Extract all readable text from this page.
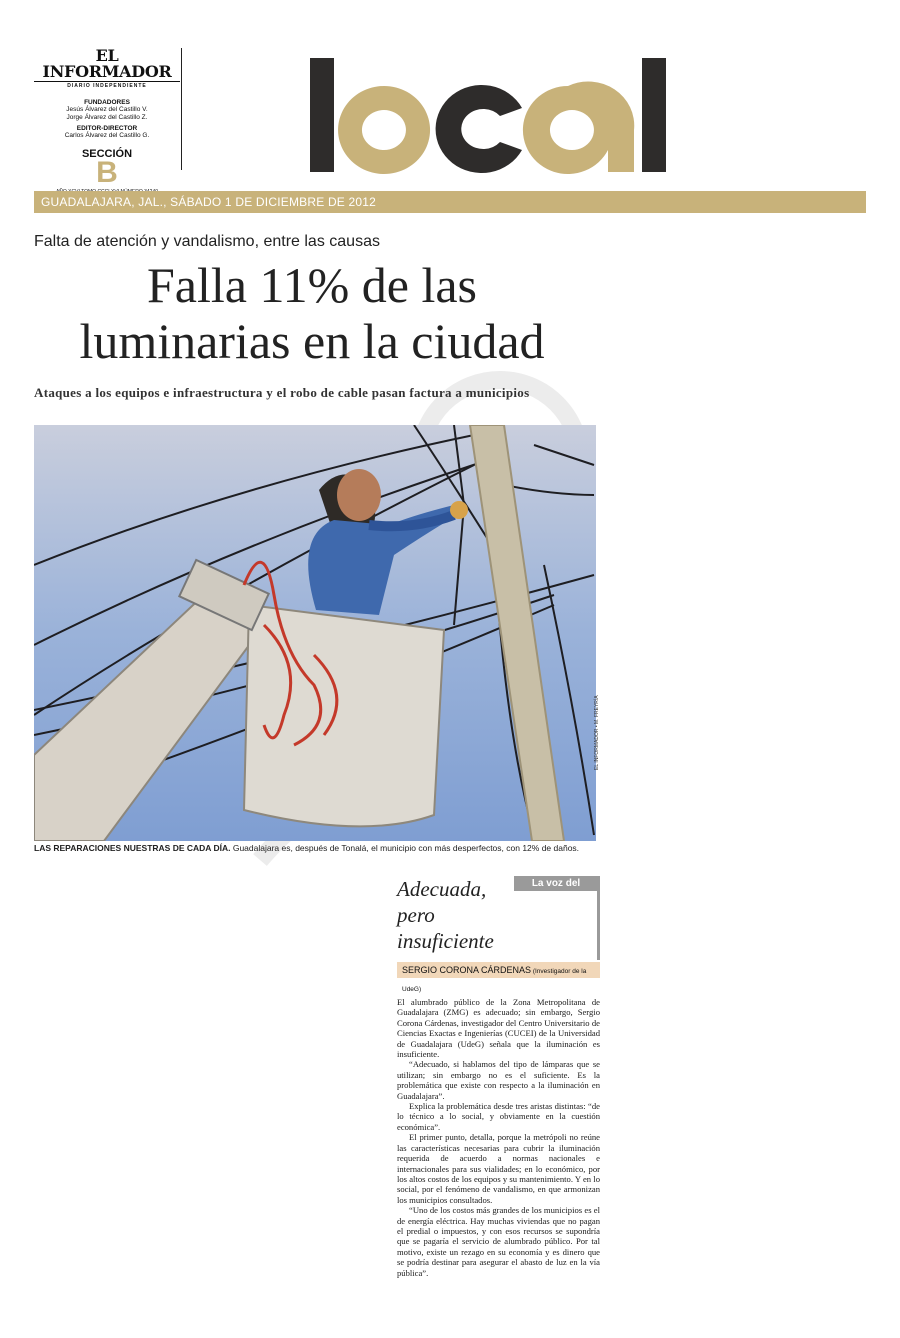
EL INFORMADOR
DIARIO INDEPENDIENTE
FUNDADORES
Jesús Álvarez del Castillo V.
Jorge Álvarez del Castillo Z.
EDITOR-DIRECTOR
Carlos Álvarez del Castillo G.
SECCIÓN
B
GUADALAJARA, JAL., SÁBADO 1 DE DICIEMBRE DE 2012
Falta de atención y vandalismo, entre las causas
Falla 11% de las
luminarias en la ciudad
Ataques a los equipos e infraestructura y el robo de cable pasan factura a municipios
EL INFORMADOR • M. FREYRÍA
LAS REPARACIONES NUESTRAS DE CADA DÍA. Guadalajara es, después de Tonalá, el municipio con más desperfectos, con 12% de daños.
Adecuada,
pero
insuficiente
La voz del experto
SERGIO CORONA CÁRDENAS (Investigador de la UdeG)

El alumbrado público de la Zona Metropolitana de Guadalajara (ZMG) es adecuado; sin embargo, Sergio Corona Cárdenas, investigador del Centro Universitario de Ciencias Exactas e Ingenierías (CUCEI) de la Universidad de Guadalajara (UdeG) señala que la iluminación es insuficiente.

“Adecuado, si hablamos del tipo de lámparas que se utilizan; sin embargo no es el suficiente. Es la problemática que existe con respecto a la iluminación en Guadalajara”.

Explica la problemática desde tres aristas distintas: “de lo técnico a lo social, y obviamente en la cuestión económica”.

El primer punto, detalla, porque la metrópoli no reúne las características necesarias para cubrir la iluminación requerida de acuerdo a normas nacionales e internacionales para sus vialidades; en lo económico, por los altos costos de los equipos y su mantenimiento. Y en lo social, por el fenómeno de vandalismo, en que armonizan los municipios consultados.

“Uno de los costos más grandes de los municipios es el de energía eléctrica. Hay muchas viviendas que no pagan el predial o impuestos, y con esos recursos se supondría que se pagaría el servicio de alumbrado público. Por tal motivo, existe un rezago en su economía y es dinero que se podría destinar para asegurar el abasto de luz en la vía pública”.
